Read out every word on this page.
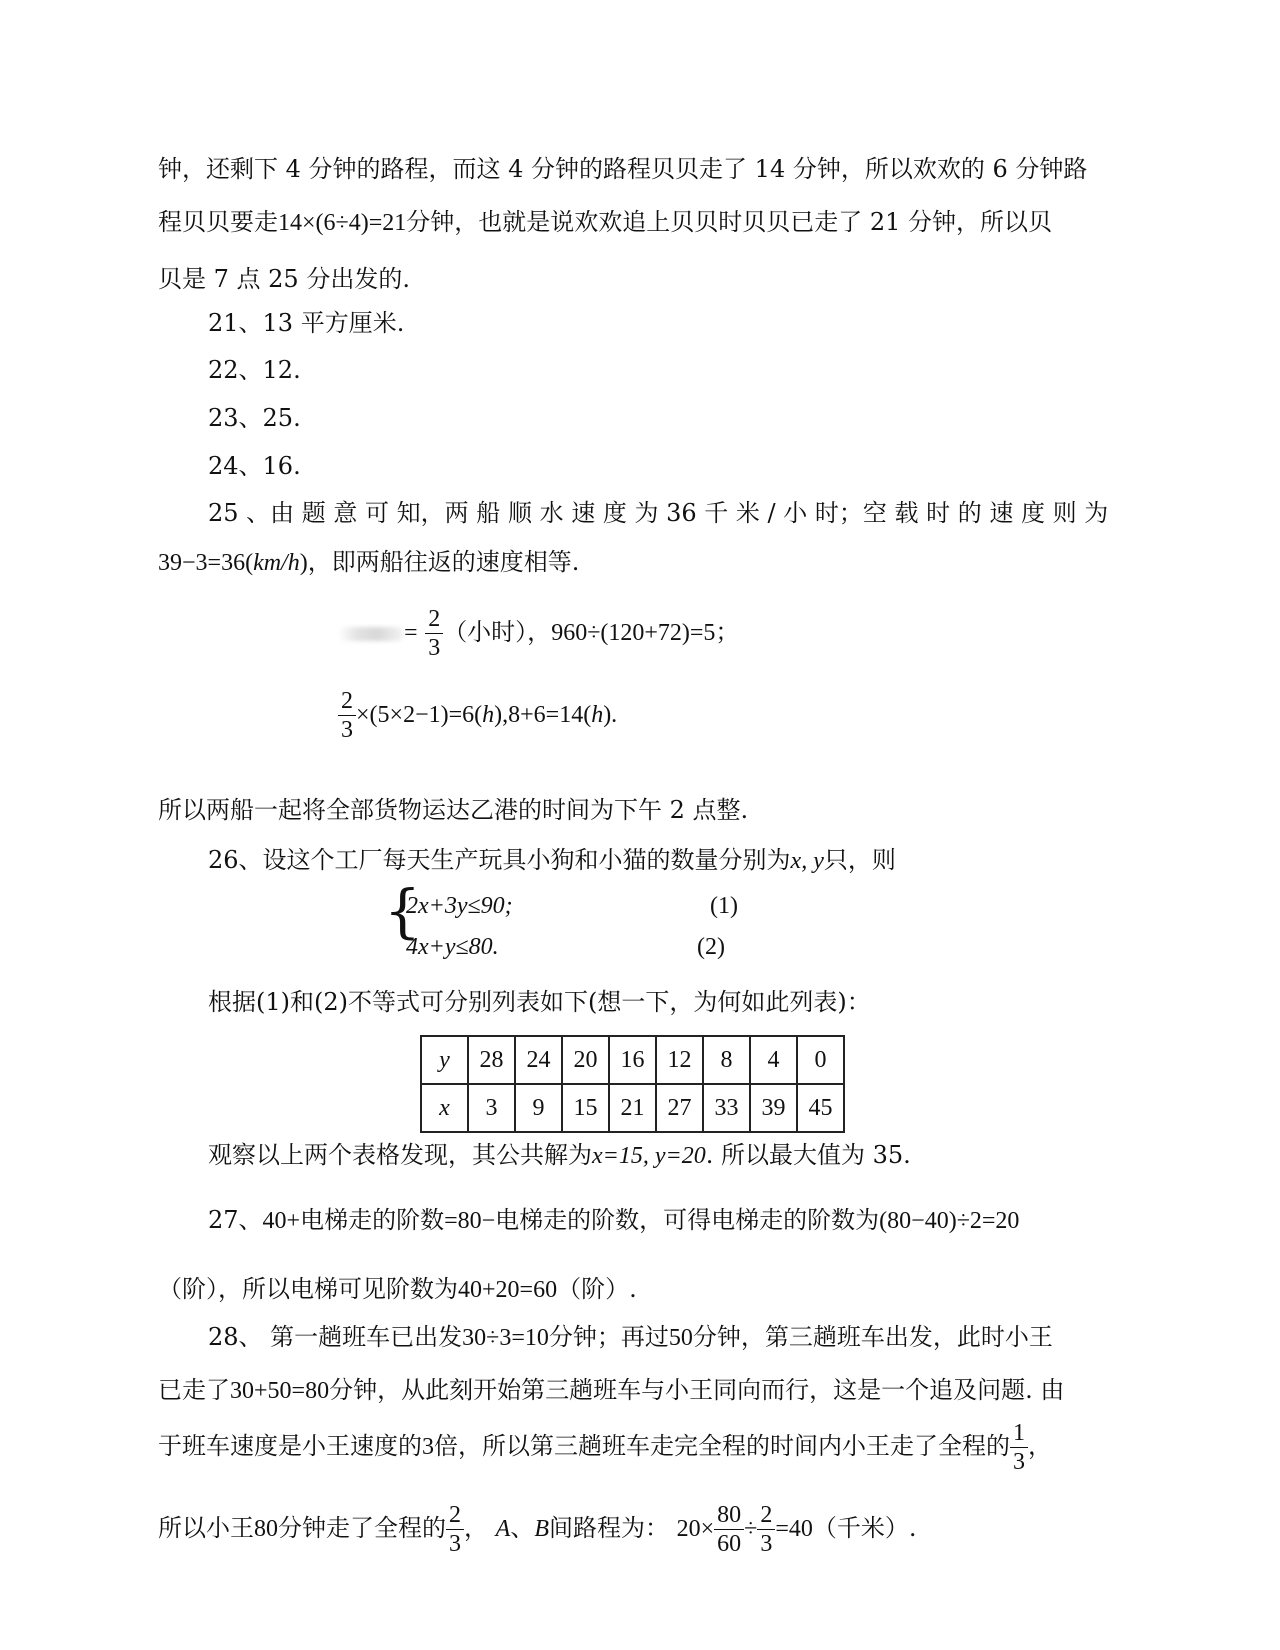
钟，还剩下 4 分钟的路程，而这 4 分钟的路程贝贝走了 14 分钟，所以欢欢的 6 分钟路
程贝贝要走14×(6÷4)=21分钟，也就是说欢欢追上贝贝时贝贝已走了 21 分钟，所以贝
贝是 7 点 25 分出发的.
21、13 平方厘米.
22、12.
23、25.
24、16.
25 、由 题 意 可 知，两 船 顺 水 速 度 为 36 千 米 / 小 时；空 载 时 的 速 度 则 为
39−3=36(km/h)，即两船往返的速度相等.
= $\frac{2}{3}$ （小时），960÷(120+72)=5；
$\frac{2}{3} \times(5\times 2-1)=6(h),8+6=14(h)$.
所以两船一起将全部货物运达乙港的时间为下午 2 点整.
26、设这个工厂每天生产玩具小狗和小猫的数量分别为x, y只，则
{
2x+3y≤90;	(1)
4x+y≤80.	(2)
根据(1)和(2)不等式可分别列表如下(想一下，为何如此列表)：
y	28	24	20	16	12	8	4	0
x	3	9	15	21	27	33	39	45
观察以上两个表格发现，其公共解为x=15, y=20. 所以最大值为 35.
27、40+电梯走的阶数=80−电梯走的阶数，可得电梯走的阶数为(80−40)÷2=20
（阶），所以电梯可见阶数为40+20=60（阶）.
28、 第一趟班车已出发30÷3=10分钟；再过50分钟，第三趟班车出发，此时小王
已走了30+50=80分钟，从此刻开始第三趟班车与小王同向而行，这是一个追及问题. 由
于班车速度是小王速度的3倍，所以第三趟班车走完全程的时间内小王走了全程的 $\frac{1}{3}$ ，
所以小王80分钟走了全程的 $\frac{2}{3}$ ， A、B间路程为： $20\times \frac{80}{60} \div \frac{2}{3} =40$（千米）.
